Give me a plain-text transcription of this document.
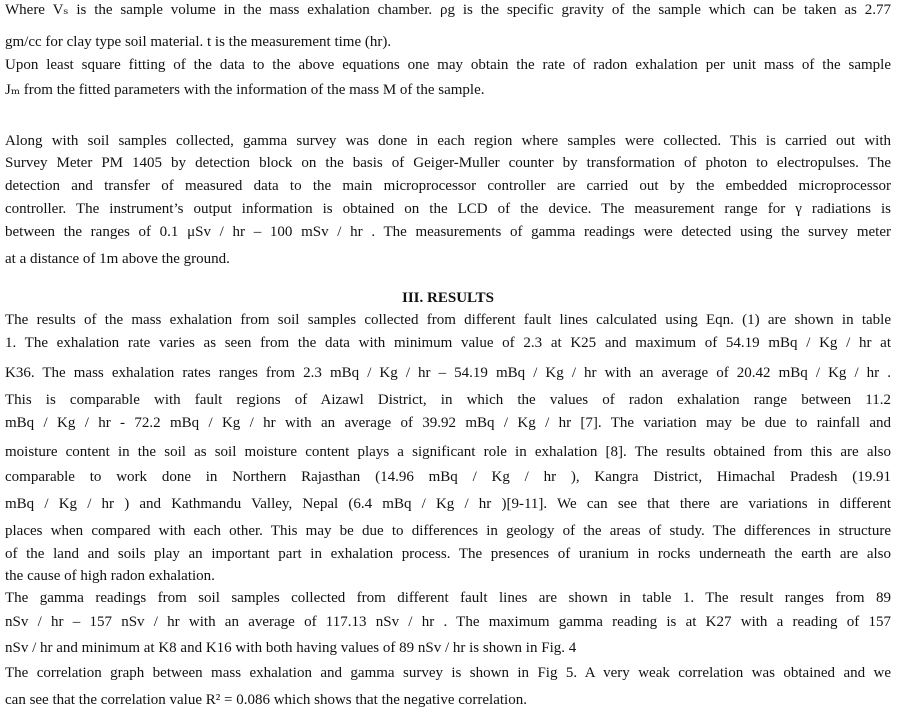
Where Vₛ is the sample volume in the mass exhalation chamber. ρg is the specific gravity of the sample which can be taken as 2.77
gm/cc for clay type soil material. t is the measurement time (hr).
Upon least square fitting of the data to the above equations one may obtain the rate of radon exhalation per unit mass of the sample
Jₘ from the fitted parameters with the information of the mass M of the sample.
Along with soil samples collected, gamma survey was done in each region where samples were collected. This is carried out with
Survey Meter PM 1405 by detection block on the basis of Geiger-Muller counter by transformation of photon to electropulses. The
detection and transfer of measured data to the main microprocessor controller are carried out by the embedded microprocessor
controller. The instrument’s output information is obtained on the LCD of the device. The measurement range for γ radiations is
between the ranges of 0.1 μSv / hr – 100 mSv / hr . The measurements of gamma readings were detected using the survey meter
at a distance of 1m above the ground.
III. RESULTS
The results of the mass exhalation from soil samples collected from different fault lines calculated using Eqn. (1) are shown in table
1. The exhalation rate varies as seen from the data with minimum value of 2.3 at K25 and maximum of 54.19 mBq / Kg / hr at
K36. The mass exhalation rates ranges from 2.3 mBq / Kg / hr – 54.19 mBq / Kg / hr with an average of 20.42 mBq / Kg / hr .
This is comparable with fault regions of Aizawl District, in which the values of radon exhalation range between 11.2
mBq / Kg / hr - 72.2 mBq / Kg / hr with an average of 39.92 mBq / Kg / hr [7]. The variation may be due to rainfall and
moisture content in the soil as soil moisture content plays a significant role in exhalation [8]. The results obtained from this are also
comparable to work done in Northern Rajasthan (14.96 mBq / Kg / hr ), Kangra District, Himachal Pradesh (19.91
mBq / Kg / hr ) and Kathmandu Valley, Nepal (6.4 mBq / Kg / hr )[9-11]. We can see that there are variations in different
places when compared with each other. This may be due to differences in geology of the areas of study. The differences in structure
of the land and soils play an important part in exhalation process. The presences of uranium in rocks underneath the earth are also
the cause of high radon exhalation.
The gamma readings from soil samples collected from different fault lines are shown in table 1. The result ranges from 89
nSv / hr – 157 nSv / hr with an average of 117.13 nSv / hr . The maximum gamma reading is at K27 with a reading of 157
nSv / hr and minimum at K8 and K16 with both having values of 89 nSv / hr is shown in Fig. 4
The correlation graph between mass exhalation and gamma survey is shown in Fig 5. A very weak correlation was obtained and we
can see that the correlation value R² = 0.086 which shows that the negative correlation.
